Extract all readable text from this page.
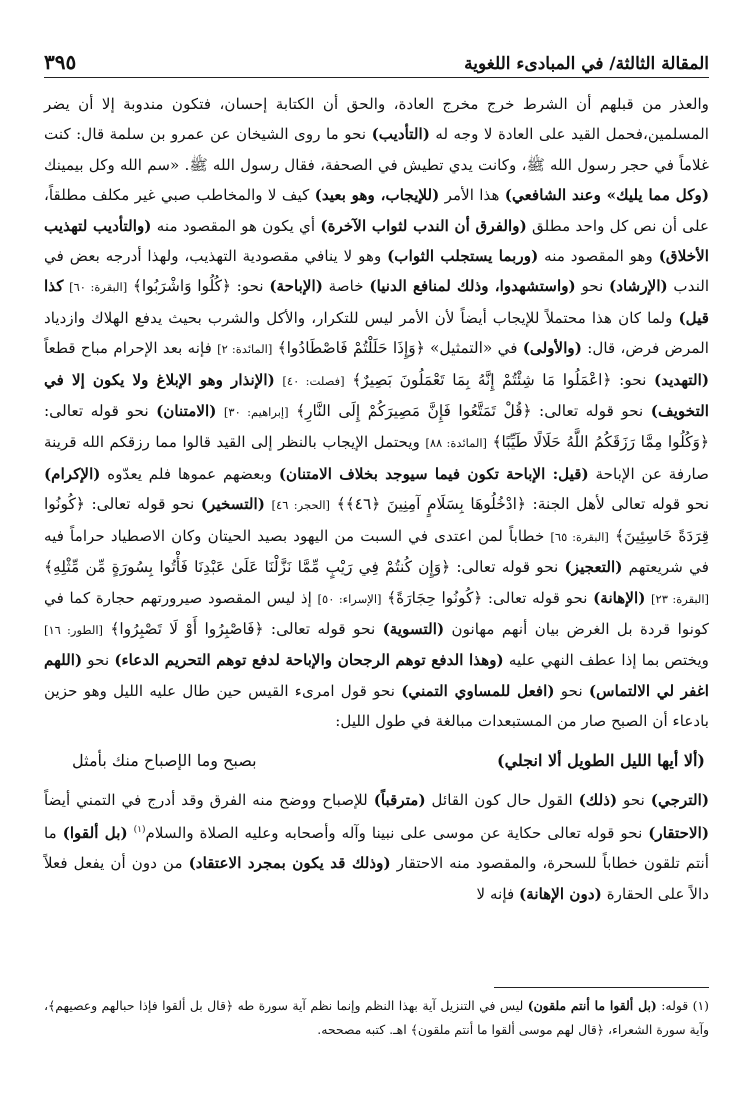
المقالة الثالثة/ في المبادىء اللغوية
٣٩٥

والعذر من قبلهم أن الشرط خرج مخرج العادة، والحق أن الكتابة إحسان، فتكون مندوبة إلا أن يضر المسلمين،فحمل القيد على العادة لا وجه له (التأديب) نحو ما روى الشيخان عن عمرو بن سلمة قال: كنت غلاماً في حجر رسول الله ﷺ، وكانت يدي تطيش في الصحفة، فقال رسول الله ﷺ. «سم الله وكل بيمينك (وكل مما يليك» وعند الشافعي) هذا الأمر (للإيجاب، وهو بعيد) كيف لا والمخاطب صبي غير مكلف مطلقاً، على أن نص كل واحد مطلق (والفرق أن الندب لثواب الآخرة) أي يكون هو المقصود منه (والتأديب لتهذيب الأخلاق) وهو المقصود منه (وربما يستجلب الثواب) وهو لا ينافي مقصودية التهذيب، ولهذا أدرجه بعض في الندب (الإرشاد) نحو (واستشهدوا، وذلك لمنافع الدنيا) خاصة (الإباحة) نحو: ﴿كُلُوا وَاشْرَبُوا﴾ [البقرة: ٦٠] كذا قيل) ولما كان هذا محتملاً للإيجاب أيضاً لأن الأمر ليس للتكرار، والأكل والشرب بحيث يدفع الهلاك وازدياد المرض فرض، قال: (والأولى) في «التمثيل» ﴿وَإِذَا حَلَلْتُمْ فَاصْطَادُوا﴾ [المائدة: ٢] فإنه بعد الإحرام مباح قطعاً (التهديد) نحو: ﴿اعْمَلُوا مَا شِئْتُمْ إِنَّهُ بِمَا تَعْمَلُونَ بَصِيرٌ﴾ [فصلت: ٤٠] (الإنذار وهو الإبلاغ ولا يكون إلا في التخويف) نحو قوله تعالى: ﴿قُلْ تَمَتَّعُوا فَإِنَّ مَصِيرَكُمْ إِلَى النَّارِ﴾ [إبراهيم: ٣٠] (الامتنان) نحو قوله تعالى: ﴿وَكُلُوا مِمَّا رَزَقَكُمُ اللَّهُ حَلَالًا طَيِّبًا﴾ [المائدة: ٨٨] ويحتمل الإيجاب بالنظر إلى القيد قالوا مما رزقكم الله قرينة صارفة عن الإباحة (قيل: الإباحة تكون فيما سيوجد بخلاف الامتنان) وبعضهم عموها فلم يعدّوه (الإكرام) نحو قوله تعالى لأهل الجنة: ﴿ادْخُلُوهَا بِسَلَامٍ آمِنِينَ ﴿٤٦﴾﴾ [الحجر: ٤٦] (التسخير) نحو قوله تعالى: ﴿كُونُوا قِرَدَةً خَاسِئِينَ﴾ [البقرة: ٦٥] خطاباً لمن اعتدى في السبت من اليهود بصيد الحيتان وكان الاصطياد حراماً فيه في شريعتهم (التعجيز) نحو قوله تعالى: ﴿وَإِن كُنتُمْ فِي رَيْبٍ مِّمَّا نَزَّلْنَا عَلَىٰ عَبْدِنَا فَأْتُوا بِسُورَةٍ مِّن مِّثْلِهِ﴾ [البقرة: ٢٣] (الإهانة) نحو قوله تعالى: ﴿كُونُوا حِجَارَةً﴾ [الإسراء: ٥٠] إذ ليس المقصود صيرورتهم حجارة كما في كونوا قردة بل الغرض بيان أنهم مهانون (التسوية) نحو قوله تعالى: ﴿فَاصْبِرُوا أَوْ لَا تَصْبِرُوا﴾ [الطور: ١٦] ويختص بما إذا عطف النهي عليه (وهذا الدفع توهم الرجحان والإباحة لدفع توهم التحريم الدعاء) نحو (اللهم اغفر لي الالتماس) نحو (افعل للمساوي التمني) نحو قول امرىء القيس حين طال عليه الليل وهو حزين بادعاء أن الصبح صار من المستبعدات مبالغة في طول الليل:

(ألا أيها الليل الطويل ألا انجلي)
بصبح وما الإصباح منك بأمثل

(الترجي) نحو (ذلك) القول حال كون القائل (مترقباً) للإصباح ووضح منه الفرق وقد أدرج في التمني أيضاً (الاحتقار) نحو قوله تعالى حكاية عن موسى على نبينا وآله وأصحابه وعليه الصلاة والسلام$^{(١)}$ (بل ألقوا) ما أنتم تلقون خطاباً للسحرة، والمقصود منه الاحتقار (وذلك قد يكون بمجرد الاعتقاد) من دون أن يفعل فعلاً دالاً على الحقارة (دون الإهانة) فإنه لا

(١) قوله: (بل ألقوا ما أنتم ملقون) ليس في التنزيل آية بهذا النظم وإنما نظم آية سورة طه ﴿قال بل ألقوا فإذا حبالهم وعصيهم﴾، وآية سورة الشعراء، ﴿قال لهم موسى ألقوا ما أنتم ملقون﴾ اهـ. كتبه مصححه.
